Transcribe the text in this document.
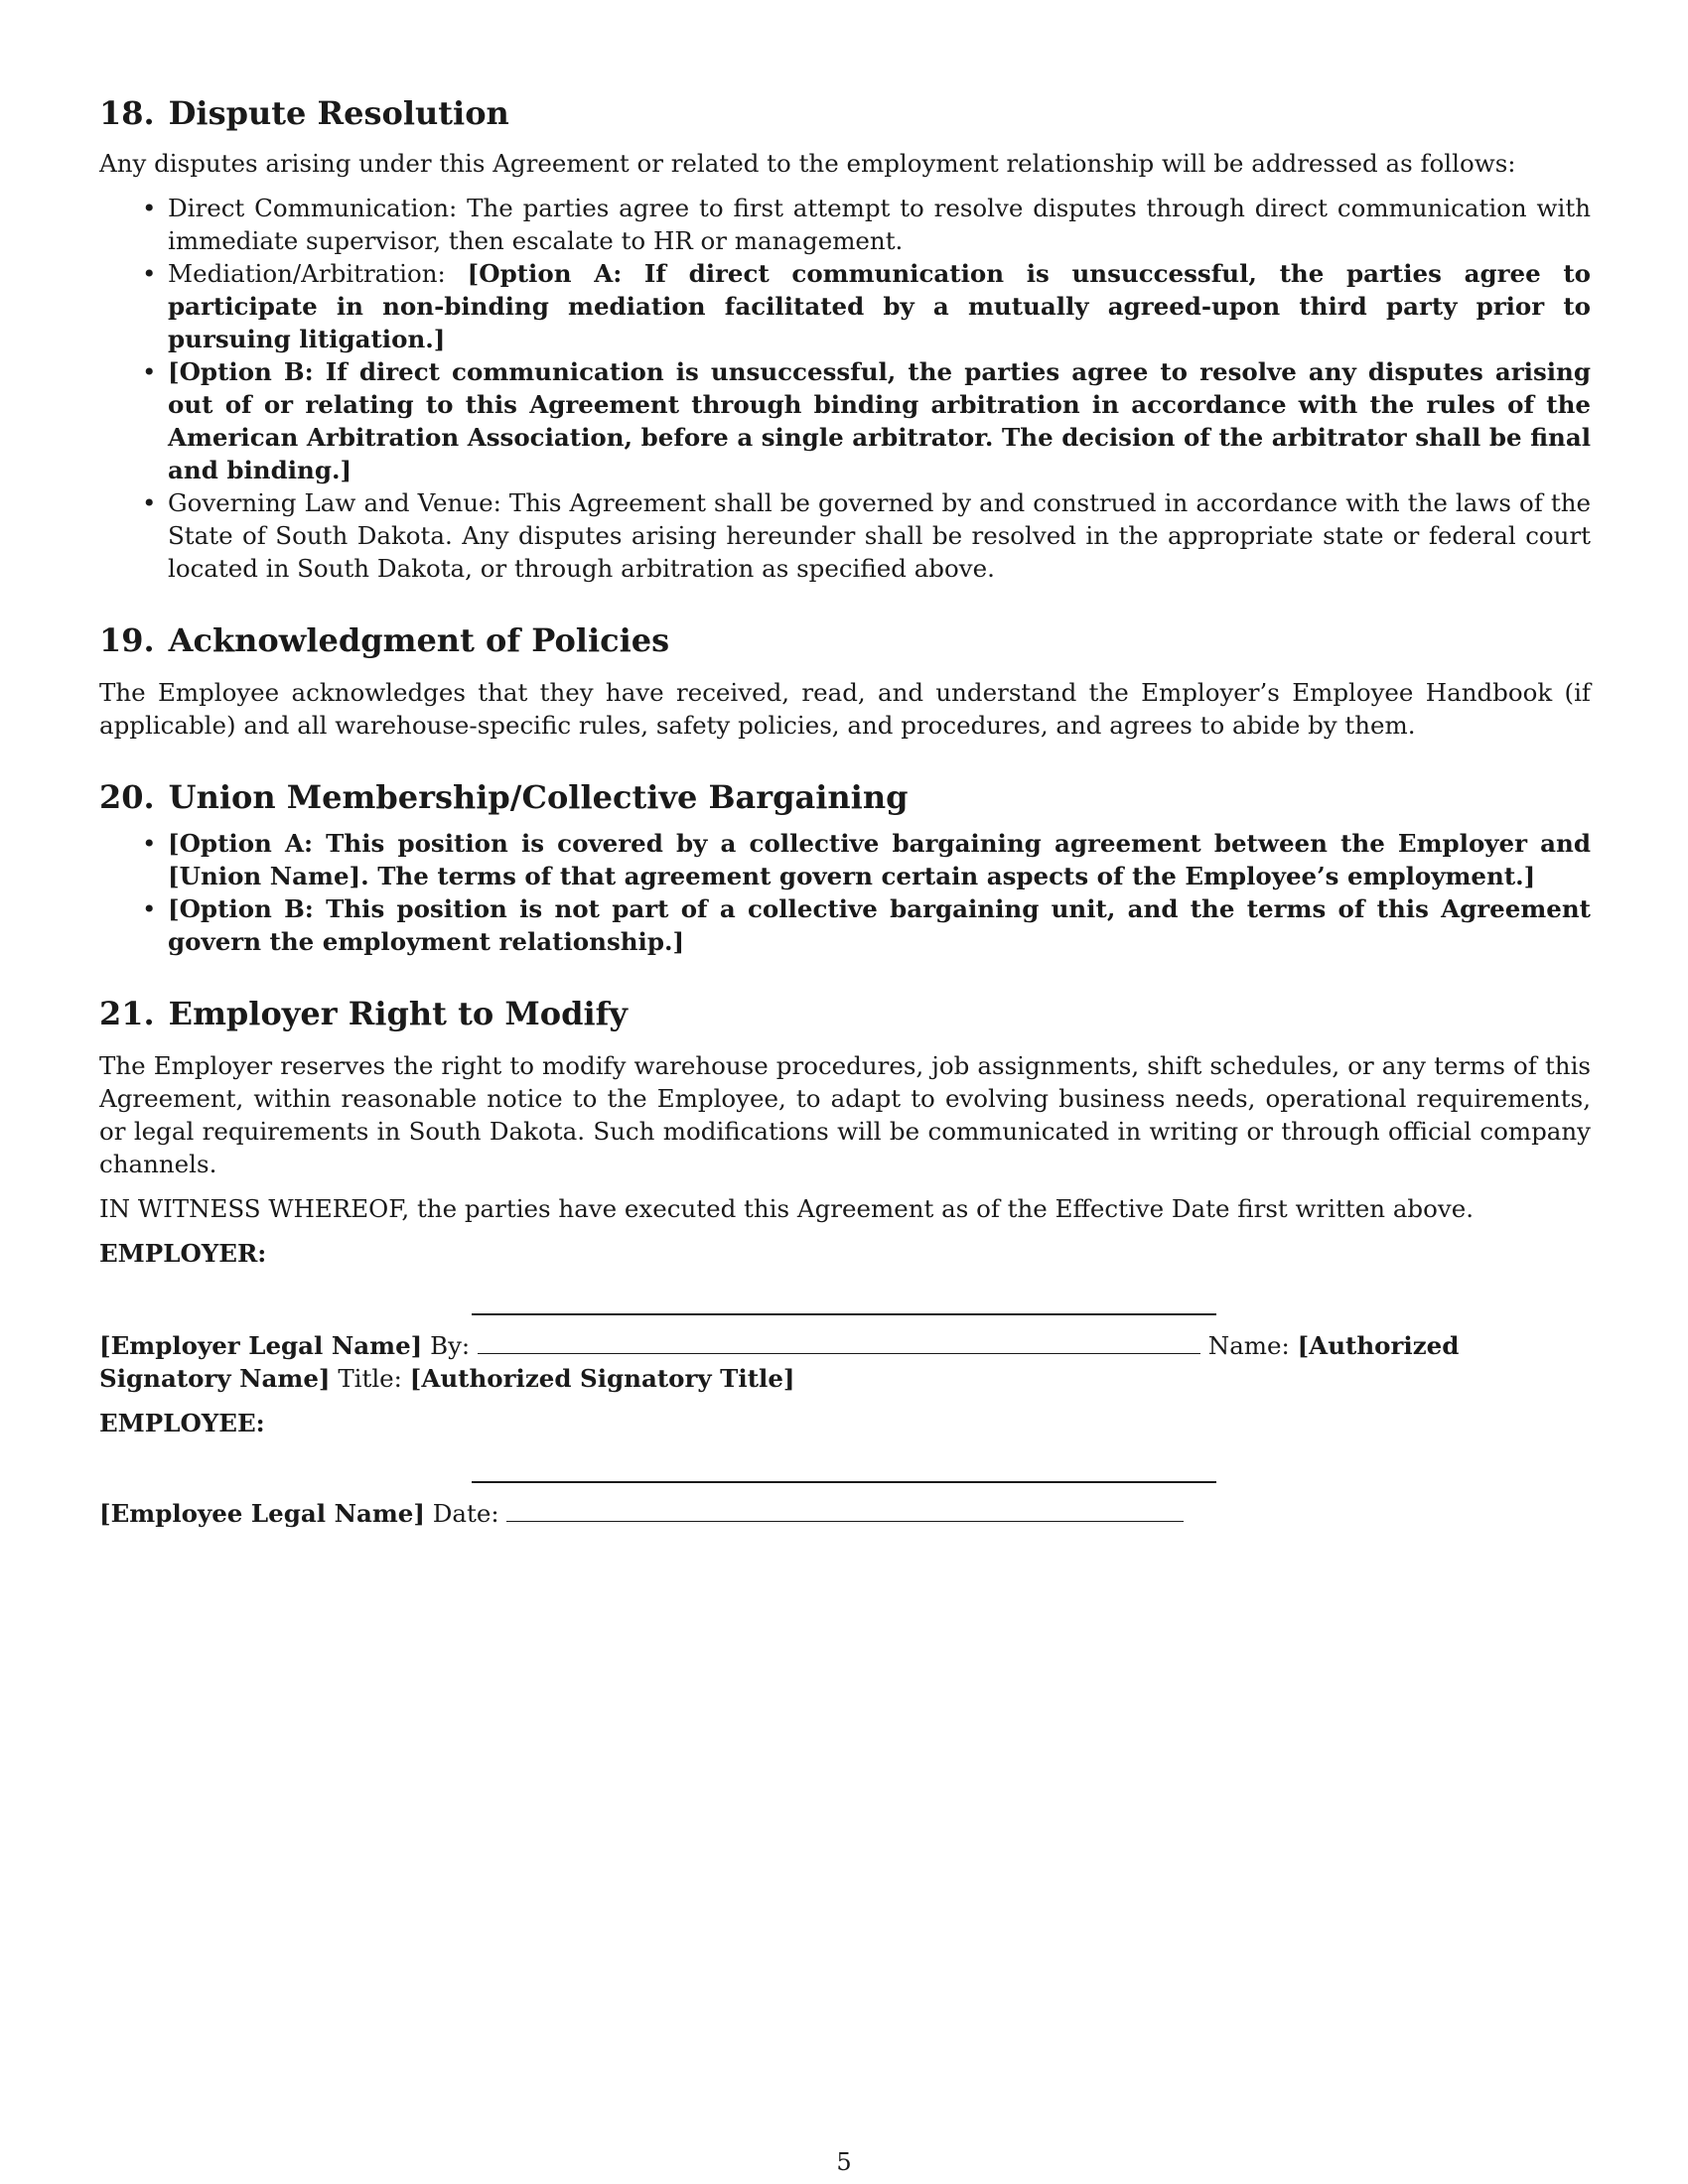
18. Dispute Resolution

Any disputes arising under this Agreement or related to the employment relationship will be addressed as follows:

• Direct Communication: The parties agree to first attempt to resolve disputes through direct communication with immediate supervisor, then escalate to HR or management.
• Mediation/Arbitration: [Option A: If direct communication is unsuccessful, the parties agree to participate in non-binding mediation facilitated by a mutually agreed-upon third party prior to pursuing litigation.]
• [Option B: If direct communication is unsuccessful, the parties agree to resolve any disputes arising out of or relating to this Agreement through binding arbitration in accordance with the rules of the American Arbitration Association, before a single arbitrator. The decision of the arbitrator shall be final and binding.]
• Governing Law and Venue: This Agreement shall be governed by and construed in accordance with the laws of the State of South Dakota. Any disputes arising hereunder shall be resolved in the appropriate state or federal court located in South Dakota, or through arbitration as specified above.
19. Acknowledgment of Policies

The Employee acknowledges that they have received, read, and understand the Employer’s Employee Handbook (if applicable) and all warehouse-specific rules, safety policies, and procedures, and agrees to abide by them.

20. Union Membership/Collective Bargaining
• [Option A: This position is covered by a collective bargaining agreement between the Employer and [Union Name]. The terms of that agreement govern certain aspects of the Employee’s employment.]
• [Option B: This position is not part of a collective bargaining unit, and the terms of this Agreement govern the employment relationship.]
21. Employer Right to Modify

The Employer reserves the right to modify warehouse procedures, job assignments, shift schedules, or any terms of this Agreement, within reasonable notice to the Employee, to adapt to evolving business needs, operational requirements, or legal requirements in South Dakota. Such modifications will be communicated in writing or through official company channels.

IN WITNESS WHEREOF, the parties have executed this Agreement as of the Effective Date first written above.

EMPLOYER:

[Employer Legal Name] By:	Name: [Authorized Signatory Name] Title: [Authorized Signatory Title]

EMPLOYEE:

[Employee Legal Name] Date:

5
